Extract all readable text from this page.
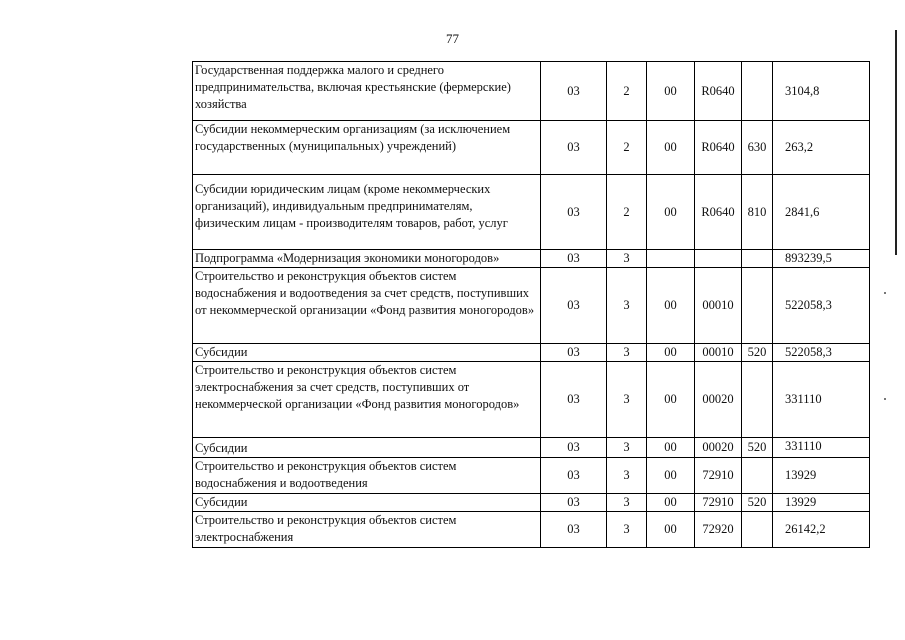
77
Государственная поддержка малого и среднего предпринимательства, включая крестьянские (фермерские) хозяйства	03	2	00	R0640		3104,8
Субсидии некоммерческим организациям (за исключением государственных (муниципальных) учреждений)	03	2	00	R0640	630	263,2
Субсидии юридическим лицам (кроме некоммерческих организаций), индивидуальным предпринимателям, физическим лицам - производителям товаров, работ, услуг	03	2	00	R0640	810	2841,6
Подпрограмма «Модернизация экономики моногородов»	03	3				893239,5
Строительство и реконструкция объектов систем водоснабжения и водоотведения за счет средств, поступивших от некоммерческой организации «Фонд развития моногородов»	03	3	00	00010		522058,3
Субсидии	03	3	00	00010	520	522058,3
Строительство и реконструкция объектов систем электроснабжения за счет средств, поступивших от некоммерческой организации «Фонд развития моногородов»	03	3	00	00020		331110
Субсидии	03	3	00	00020	520	331110
Строительство и реконструкция объектов систем водоснабжения и водоотведения	03	3	00	72910		13929
Субсидии	03	3	00	72910	520	13929
Строительство и реконструкция объектов систем электроснабжения	03	3	00	72920		26142,2
